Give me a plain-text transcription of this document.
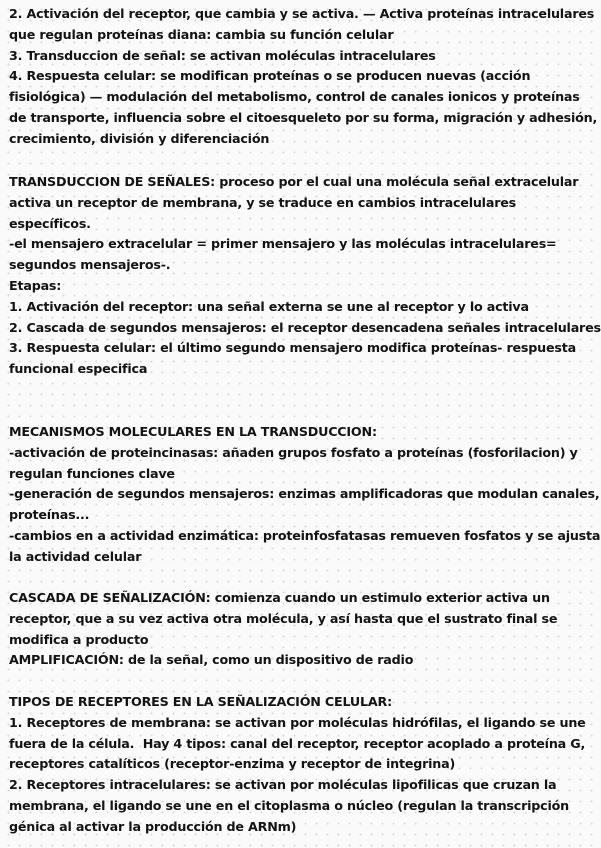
2. Activación del receptor, que cambia y se activa. — Activa proteínas intracelulares que regulan proteínas diana: cambia su función celular
3. Transduccion de señal: se activan moléculas intracelulares
4. Respuesta celular: se modifican proteínas o se producen nuevas (acción fisiológica) — modulación del metabolismo, control de canales ionicos y proteínas de transporte, influencia sobre el citoesqueleto por su forma, migración y adhesión, crecimiento, división y diferenciación

TRANSDUCCION DE SEÑALES: proceso por el cual una molécula señal extracelular activa un receptor de membrana, y se traduce en cambios intracelulares específicos.
-el mensajero extracelular = primer mensajero y las moléculas intracelulares= segundos mensajeros-.
Etapas:
1. Activación del receptor: una señal externa se une al receptor y lo activa
2. Cascada de segundos mensajeros: el receptor desencadena señales intracelulares
3. Respuesta celular: el último segundo mensajero modifica proteínas- respuesta funcional especifica

MECANISMOS MOLECULARES EN LA TRANSDUCCION:
-activación de proteincinasas: añaden grupos fosfato a proteínas (fosforilacion) y regulan funciones clave
-generación de segundos mensajeros: enzimas amplificadoras que modulan canales, proteínas...
-cambios en a actividad enzimática: proteinfosfatasas remueven fosfatos y se ajusta la actividad celular

CASCADA DE SEÑALIZACIÓN: comienza cuando un estimulo exterior activa un receptor, que a su vez activa otra molécula, y así hasta que el sustrato final se modifica a producto
AMPLIFICACIÓN: de la señal, como un dispositivo de radio

TIPOS DE RECEPTORES EN LA SEÑALIZACIÓN CELULAR:
1. Receptores de membrana: se activan por moléculas hidrófilas, el ligando se une fuera de la célula.  Hay 4 tipos: canal del receptor, receptor acoplado a proteína G, receptores catalíticos (receptor-enzima y receptor de integrina)
2. Receptores intracelulares: se activan por moléculas lipofilicas que cruzan la membrana, el ligando se une en el citoplasma o núcleo (regulan la transcripción génica al activar la producción de ARNm)
